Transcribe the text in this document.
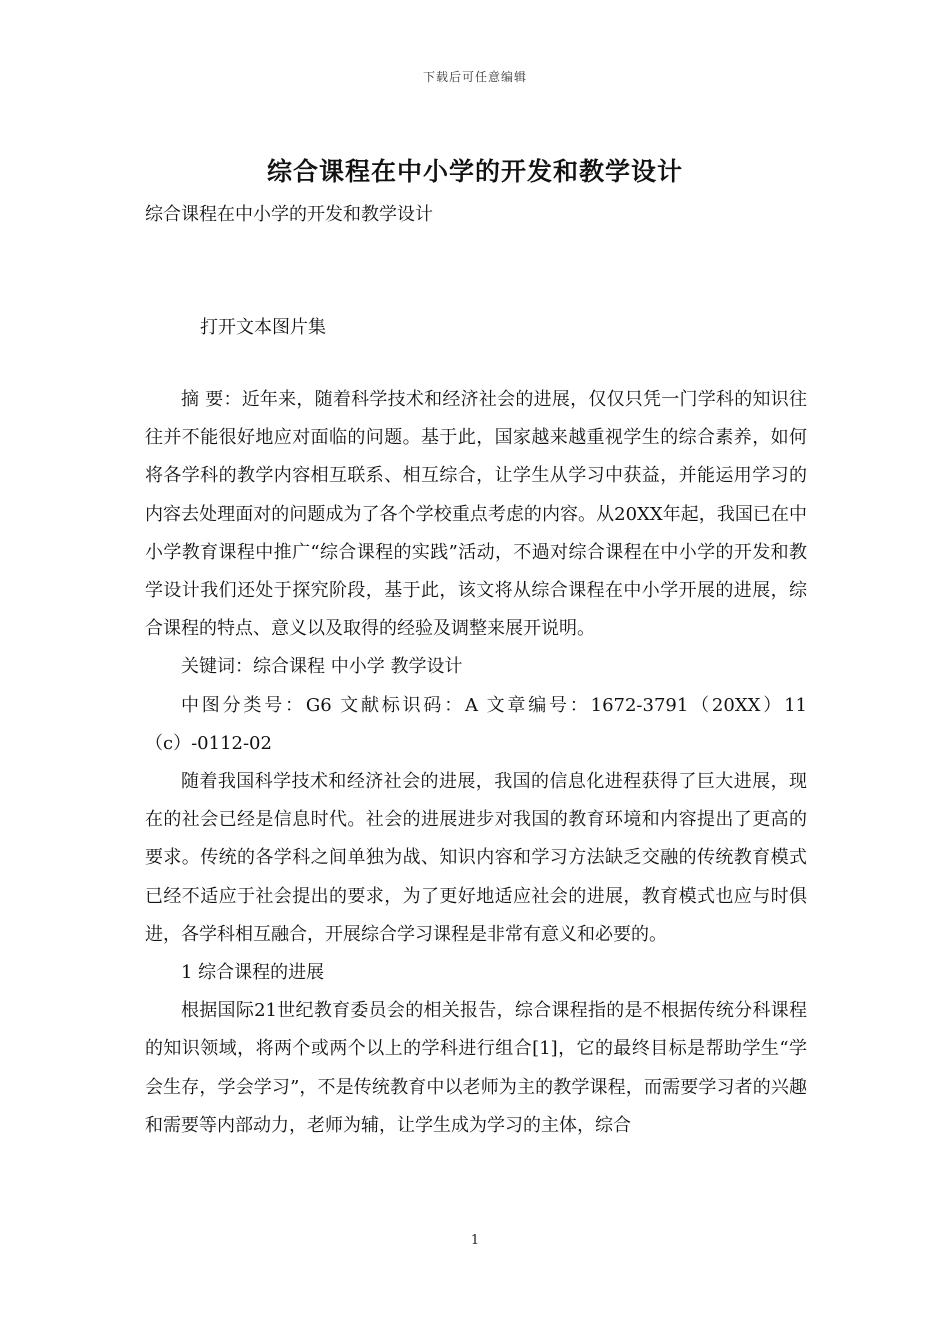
下载后可任意编辑
综合课程在中小学的开发和教学设计
综合课程在中小学的开发和教学设计
打开文本图片集

摘 要：近年来，随着科学技术和经济社会的进展，仅仅只凭一门学科的知识往往并不能很好地应对面临的问题。基于此，国家越来越重视学生的综合素养，如何将各学科的教学内容相互联系、相互综合，让学生从学习中获益，并能运用学习的内容去处理面对的问题成为了各个学校重点考虑的内容。从20XX年起，我国已在中小学教育课程中推广“综合课程的实践”活动，不過对综合课程在中小学的开发和教学设计我们还处于探究阶段，基于此，该文将从综合课程在中小学开展的进展，综合课程的特点、意义以及取得的经验及调整来展开说明。

关键词：综合课程 中小学 教学设计

中图分类号：G6 文献标识码：A 文章编号：1672-3791（20XX）11（c）-0112-02

随着我国科学技术和经济社会的进展，我国的信息化进程获得了巨大进展，现在的社会已经是信息时代。社会的进展进步对我国的教育环境和内容提出了更高的要求。传统的各学科之间单独为战、知识内容和学习方法缺乏交融的传统教育模式已经不适应于社会提出的要求，为了更好地适应社会的进展，教育模式也应与时俱进，各学科相互融合，开展综合学习课程是非常有意义和必要的。

1 综合课程的进展

根据国际21世纪教育委员会的相关报告，综合课程指的是不根据传统分科课程的知识领域，将两个或两个以上的学科进行组合[1]，它的最终目标是帮助学生“学会生存，学会学习”，不是传统教育中以老师为主的教学课程，而需要学习者的兴趣和需要等内部动力，老师为辅，让学生成为学习的主体，综合

1
